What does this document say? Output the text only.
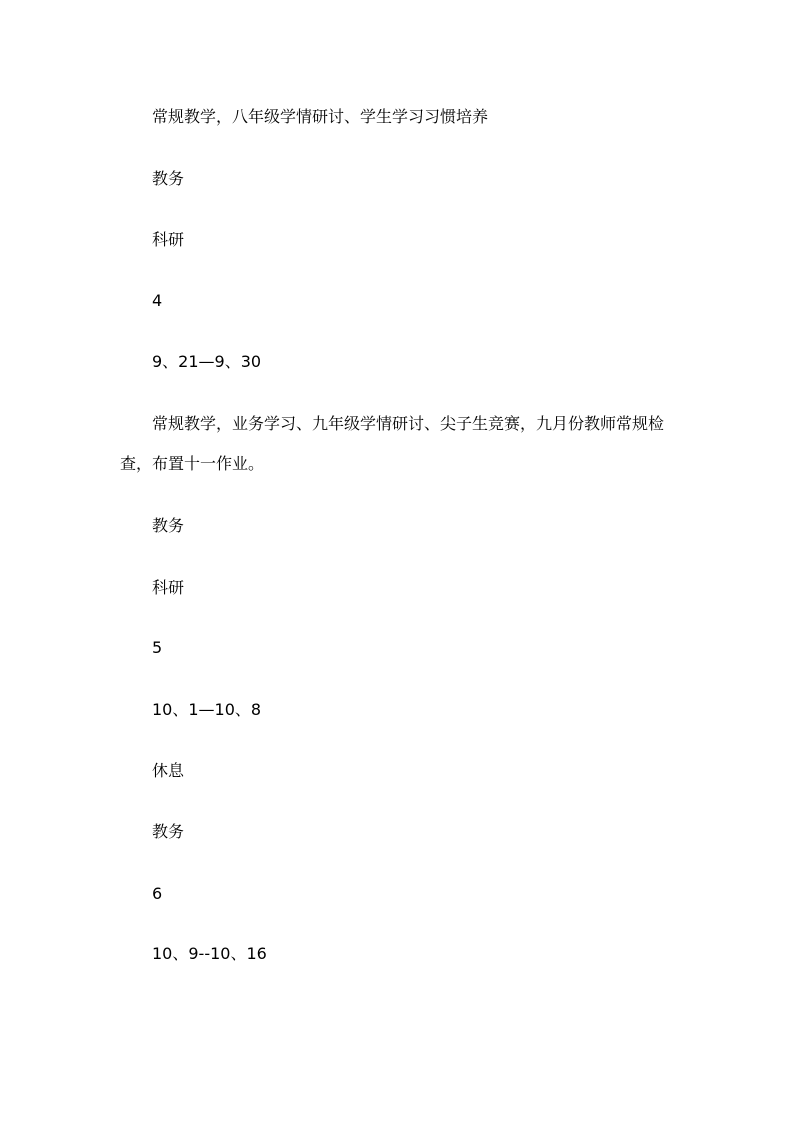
常规教学，八年级学情研讨、学生学习习惯培养

教务

科研

4

9、21—9、30

常规教学，业务学习、九年级学情研讨、尖子生竞赛，九月份教师常规检查，布置十一作业。

教务

科研

5

10、1—10、8

休息

教务

6

10、9--10、16
